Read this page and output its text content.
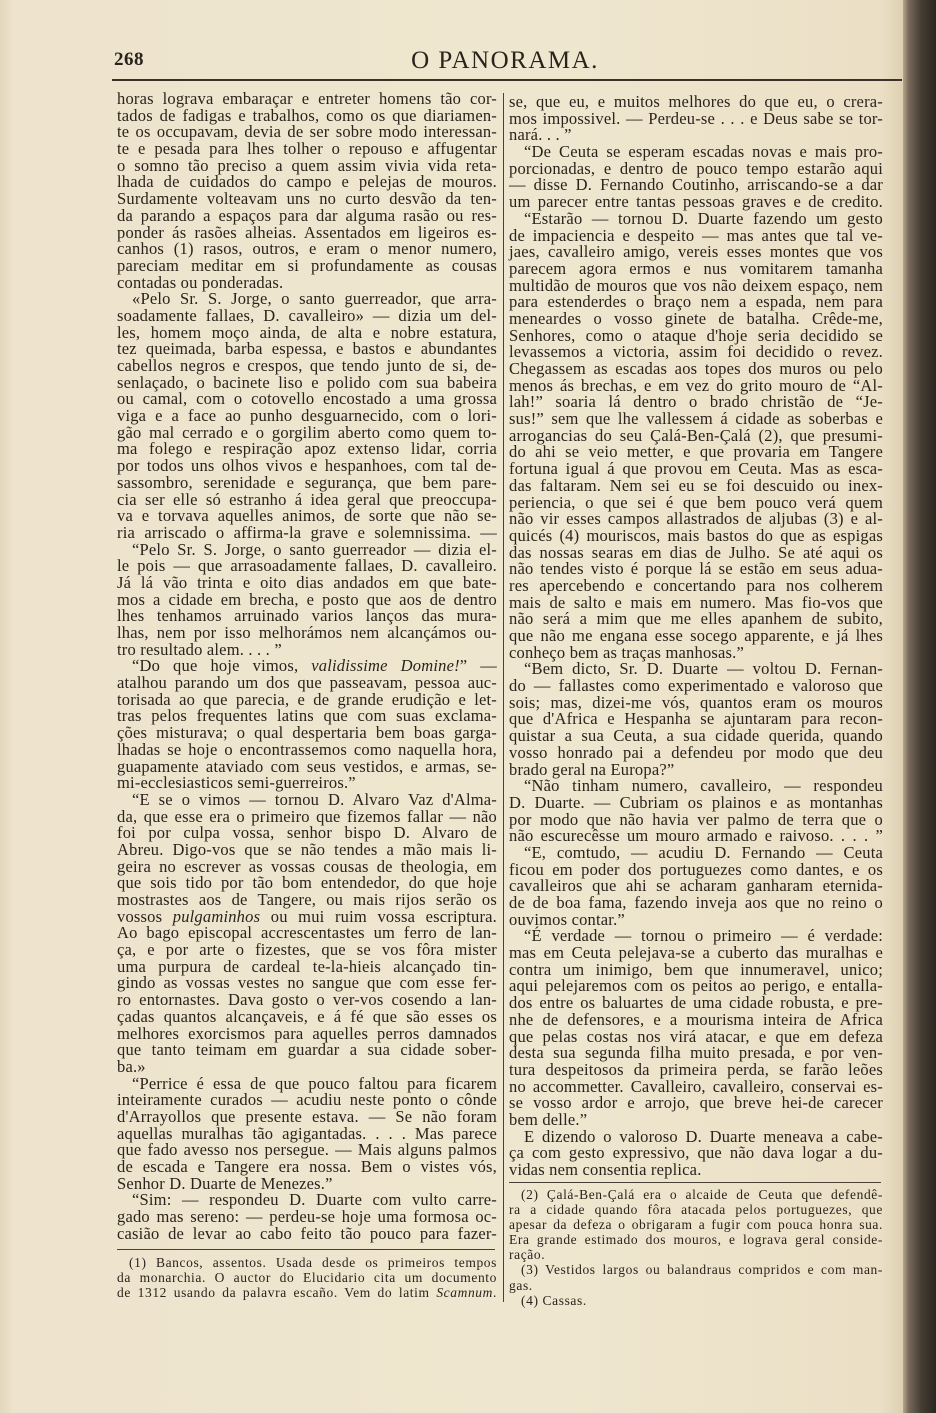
268	O PANORAMA.
horas lograva embaraçar e entreter homens tão cor-
tados de fadigas e trabalhos, como os que diariamen-
te os occupavam, devia de ser sobre modo interessan-
te e pesada para lhes tolher o repouso e affugentar
o somno tão preciso a quem assim vivia vida reta-
lhada de cuidados do campo e pelejas de mouros.
Surdamente volteavam uns no curto desvão da ten-
da parando a espaços para dar alguma rasão ou res-
ponder ás rasões alheias. Assentados em ligeiros es-
canhos (1) rasos, outros, e eram o menor numero,
pareciam meditar em si profundamente as cousas
contadas ou ponderadas.
«Pelo Sr. S. Jorge, o santo guerreador, que arra-
soadamente fallaes, D. cavalleiro» — dizia um del-
les, homem moço ainda, de alta e nobre estatura,
tez queimada, barba espessa, e bastos e abundantes
cabellos negros e crespos, que tendo junto de si, de-
senlaçado, o bacinete liso e polido com sua babeira
ou camal, com o cotovello encostado a uma grossa
viga e a face ao punho desguarnecido, com o lori-
gão mal cerrado e o gorgilim aberto como quem to-
ma folego e respiração apoz extenso lidar, corria
por todos uns olhos vivos e hespanhoes, com tal de-
sassombro, serenidade e segurança, que bem pare-
cia ser elle só estranho á idea geral que preoccupa-
va e torvava aquelles animos, de sorte que não se-
ria arriscado o affirma-la grave e solemnissima. —
“Pelo Sr. S. Jorge, o santo guerreador — dizia el-
le pois — que arrasoadamente fallaes, D. cavalleiro.
Já lá vão trinta e oito dias andados em que bate-
mos a cidade em brecha, e posto que aos de dentro
lhes tenhamos arruinado varios lanços das mura-
lhas, nem por isso melhorámos nem alcançámos ou-
tro resultado alem. . . . ”
“Do que hoje vimos, validissime Domine!” —
atalhou parando um dos que passeavam, pessoa auc-
torisada ao que parecia, e de grande erudição e let-
tras pelos frequentes latins que com suas exclama-
ções misturava; o qual despertaria bem boas garga-
lhadas se hoje o encontrassemos como naquella hora,
guapamente ataviado com seus vestidos, e armas, se-
mi-ecclesiasticos semi-guerreiros.”
“E se o vimos — tornou D. Alvaro Vaz d'Alma-
da, que esse era o primeiro que fizemos fallar — não
foi por culpa vossa, senhor bispo D. Alvaro de
Abreu. Digo-vos que se não tendes a mão mais li-
geira no escrever as vossas cousas de theologia, em
que sois tido por tão bom entendedor, do que hoje
mostrastes aos de Tangere, ou mais rijos serão os
vossos pulgaminhos ou mui ruim vossa escriptura.
Ao bago episcopal accrescentastes um ferro de lan-
ça, e por arte o fizestes, que se vos fôra mister
uma purpura de cardeal te-la-hieis alcançado tin-
gindo as vossas vestes no sangue que com esse fer-
ro entornastes. Dava gosto o ver-vos cosendo a lan-
çadas quantos alcançaveis, e á fé que são esses os
melhores exorcismos para aquelles perros damnados
que tanto teimam em guardar a sua cidade sober-
ba.»
“Perrice é essa de que pouco faltou para ficarem
inteiramente curados — acudiu neste ponto o cônde
d'Arrayollos que presente estava. — Se não foram
aquellas muralhas tão agigantadas. . . . Mas parece
que fado avesso nos persegue. — Mais alguns palmos
de escada e Tangere era nossa. Bem o vistes vós,
Senhor D. Duarte de Menezes.”
“Sim: — respondeu D. Duarte com vulto carre-
gado mas sereno: — perdeu-se hoje uma formosa oc-
casião de levar ao cabo feito tão pouco para fazer-
se, que eu, e muitos melhores do que eu, o crera-
mos impossivel. — Perdeu-se . . . e Deus sabe se tor-
nará. . . ”
“De Ceuta se esperam escadas novas e mais pro-
porcionadas, e dentro de pouco tempo estarão aqui
— disse D. Fernando Coutinho, arriscando-se a dar
um parecer entre tantas pessoas graves e de credito.
“Estarão — tornou D. Duarte fazendo um gesto
de impaciencia e despeito — mas antes que tal ve-
jaes, cavalleiro amigo, vereis esses montes que vos
parecem agora ermos e nus vomitarem tamanha
multidão de mouros que vos não deixem espaço, nem
para estenderdes o braço nem a espada, nem para
meneardes o vosso ginete de batalha. Crêde-me,
Senhores, como o ataque d'hoje seria decidido se
levassemos a victoria, assim foi decidido o revez.
Chegassem as escadas aos topes dos muros ou pelo
menos ás brechas, e em vez do grito mouro de “Al-
lah!” soaria lá dentro o brado christão de “Je-
sus!” sem que lhe vallessem á cidade as soberbas e
arrogancias do seu Çalá-Ben-Çalá (2), que presumi-
do ahi se veio metter, e que provaria em Tangere
fortuna igual á que provou em Ceuta. Mas as esca-
das faltaram. Nem sei eu se foi descuido ou inex-
periencia, o que sei é que bem pouco verá quem
não vir esses campos allastrados de aljubas (3) e al-
quicés (4) mouriscos, mais bastos do que as espigas
das nossas searas em dias de Julho. Se até aqui os
não tendes visto é porque lá se estão em seus adua-
res apercebendo e concertando para nos colherem
mais de salto e mais em numero. Mas fio-vos que
não será a mim que me elles apanhem de subito,
que não me engana esse socego apparente, e já lhes
conheço bem as traças manhosas.”
“Bem dicto, Sr. D. Duarte — voltou D. Fernan-
do — fallastes como experimentado e valoroso que
sois; mas, dizei-me vós, quantos eram os mouros
que d'Africa e Hespanha se ajuntaram para recon-
quistar a sua Ceuta, a sua cidade querida, quando
vosso honrado pai a defendeu por modo que deu
brado geral na Europa?”
“Não tinham numero, cavalleiro, — respondeu
D. Duarte. — Cubriam os plainos e as montanhas
por modo que não havia ver palmo de terra que o
não escurecêsse um mouro armado e raivoso. . . . ”
“E, comtudo, — acudiu D. Fernando — Ceuta
ficou em poder dos portuguezes como dantes, e os
cavalleiros que ahi se acharam ganharam eternida-
de de boa fama, fazendo inveja aos que no reino o
ouvimos contar.”
“É verdade — tornou o primeiro — é verdade:
mas em Ceuta pelejava-se a cuberto das muralhas e
contra um inimigo, bem que innumeravel, unico;
aqui pelejaremos com os peitos ao perigo, e entalla-
dos entre os baluartes de uma cidade robusta, e pre-
nhe de defensores, e a mourisma inteira de Africa
que pelas costas nos virá atacar, e que em defeza
desta sua segunda filha muito presada, e por ven-
tura despeitosos da primeira perda, se farão leões
no accommetter. Cavalleiro, cavalleiro, conservai es-
se vosso ardor e arrojo, que breve hei-de carecer
bem delle.”
E dizendo o valoroso D. Duarte meneava a cabe-
ça com gesto expressivo, que não dava logar a du-
vidas nem consentia replica.
(1) Bancos, assentos. Usada desde os primeiros tempos
da monarchia. O auctor do Elucidario cita um documento
de 1312 usando da palavra escaño. Vem do latim Scamnum.
(2) Çalá-Ben-Çalá era o alcaide de Ceuta que defendê-
ra a cidade quando fôra atacada pelos portuguezes, que
apesar da defeza o obrigaram a fugir com pouca honra sua.
Era grande estimado dos mouros, e lograva geral conside-
ração.
(3) Vestidos largos ou balandraus compridos e com man-
gas.
(4) Cassas.
